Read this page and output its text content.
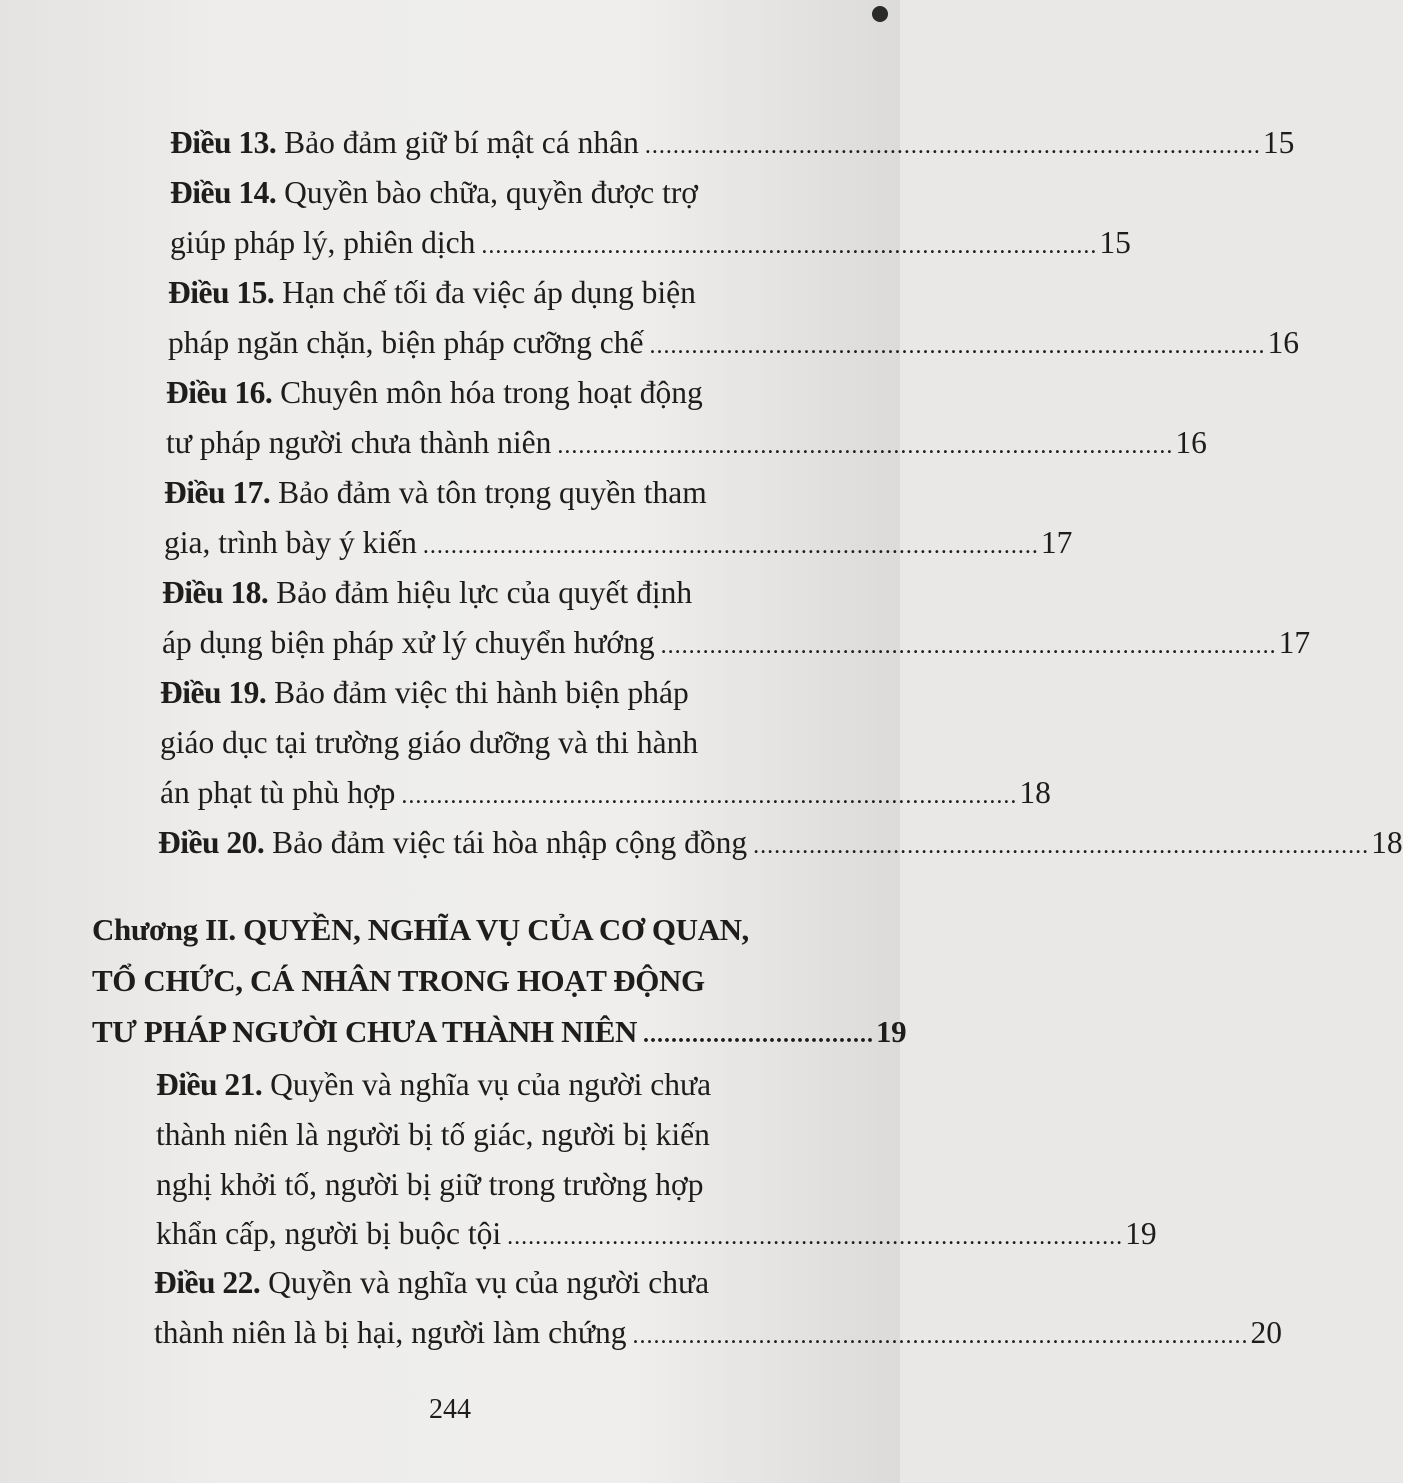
Điều 13.
Bảo đảm giữ bí mật cá nhân ........................................................................................ 15
Điều 14.
Quyền bào chữa, quyền được trợ
giúp pháp lý, phiên dịch ........................................................................................ 15
Điều 15.
Hạn chế tối đa việc áp dụng biện
pháp ngăn chặn, biện pháp cưỡng chế ........................................................................................ 16
Điều 16.
Chuyên môn hóa trong hoạt động
tư pháp người chưa thành niên ........................................................................................ 16
Điều 17.
Bảo đảm và tôn trọng quyền tham
gia, trình bày ý kiến ........................................................................................ 17
Điều 18.
Bảo đảm hiệu lực của quyết định
áp dụng biện pháp xử lý chuyển hướng ........................................................................................ 17
Điều 19.
Bảo đảm việc thi hành biện pháp
giáo dục tại trường giáo dưỡng và thi hành
án phạt tù phù hợp ........................................................................................ 18
Điều 20.
Bảo đảm việc tái hòa nhập cộng đồng ........................................................................................ 18
Chương II. QUYỀN, NGHĨA VỤ CỦA CƠ QUAN,
TỔ CHỨC, CÁ NHÂN TRONG HOẠT ĐỘNG
TƯ PHÁP NGƯỜI CHƯA THÀNH NIÊN ................................. 19
Điều 21.
Quyền và nghĩa vụ của người chưa
thành niên là người bị tố giác, người bị kiến
nghị khởi tố, người bị giữ trong trường hợp
khẩn cấp, người bị buộc tội ........................................................................................ 19
Điều 22.
Quyền và nghĩa vụ của người chưa
thành niên là bị hại, người làm chứng ........................................................................................ 20
244
